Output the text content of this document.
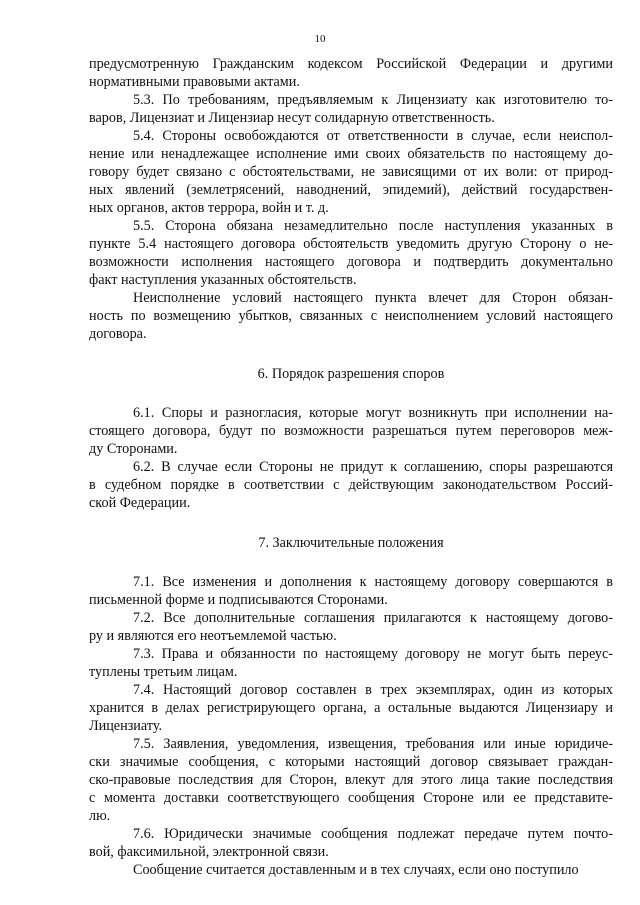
10
предусмотренную Гражданским кодексом Российской Федерации и другими
нормативными правовыми актами.
5.3. По требованиям, предъявляемым к Лицензиату как изготовителю то-
варов, Лицензиат и Лицензиар несут солидарную ответственность.
5.4. Стороны освобождаются от ответственности в случае, если неиспол-
нение или ненадлежащее исполнение ими своих обязательств по настоящему до-
говору будет связано с обстоятельствами, не зависящими от их воли: от природ-
ных явлений (землетрясений, наводнений, эпидемий), действий государствен-
ных органов, актов террора, войн и т. д.
5.5. Сторона обязана незамедлительно после наступления указанных в
пункте 5.4 настоящего договора обстоятельств уведомить другую Сторону о не-
возможности исполнения настоящего договора и подтвердить документально
факт наступления указанных обстоятельств.
Неисполнение условий настоящего пункта влечет для Сторон обязан-
ность по возмещению убытков, связанных с неисполнением условий настоящего
договора.
6. Порядок разрешения споров
6.1. Споры и разногласия, которые могут возникнуть при исполнении на-
стоящего договора, будут по возможности разрешаться путем переговоров меж-
ду Сторонами.
6.2. В случае если Стороны не придут к соглашению, споры разрешаются
в судебном порядке в соответствии с действующим законодательством Россий-
ской Федерации.
7. Заключительные положения
7.1. Все изменения и дополнения к настоящему договору совершаются в
письменной форме и подписываются Сторонами.
7.2. Все дополнительные соглашения прилагаются к настоящему догово-
ру и являются его неотъемлемой частью.
7.3. Права и обязанности по настоящему договору не могут быть переус-
туплены третьим лицам.
7.4. Настоящий договор составлен в трех экземплярах, один из которых
хранится в делах регистрирующего органа, а остальные выдаются Лицензиару и
Лицензиату.
7.5. Заявления, уведомления, извещения, требования или иные юридиче-
ски значимые сообщения, с которыми настоящий договор связывает граждан-
ско-правовые последствия для Сторон, влекут для этого лица такие последствия
с момента доставки соответствующего сообщения Стороне или ее представите-
лю.
7.6. Юридически значимые сообщения подлежат передаче путем почто-
вой, факсимильной, электронной связи.
Сообщение считается доставленным и в тех случаях, если оно поступило
